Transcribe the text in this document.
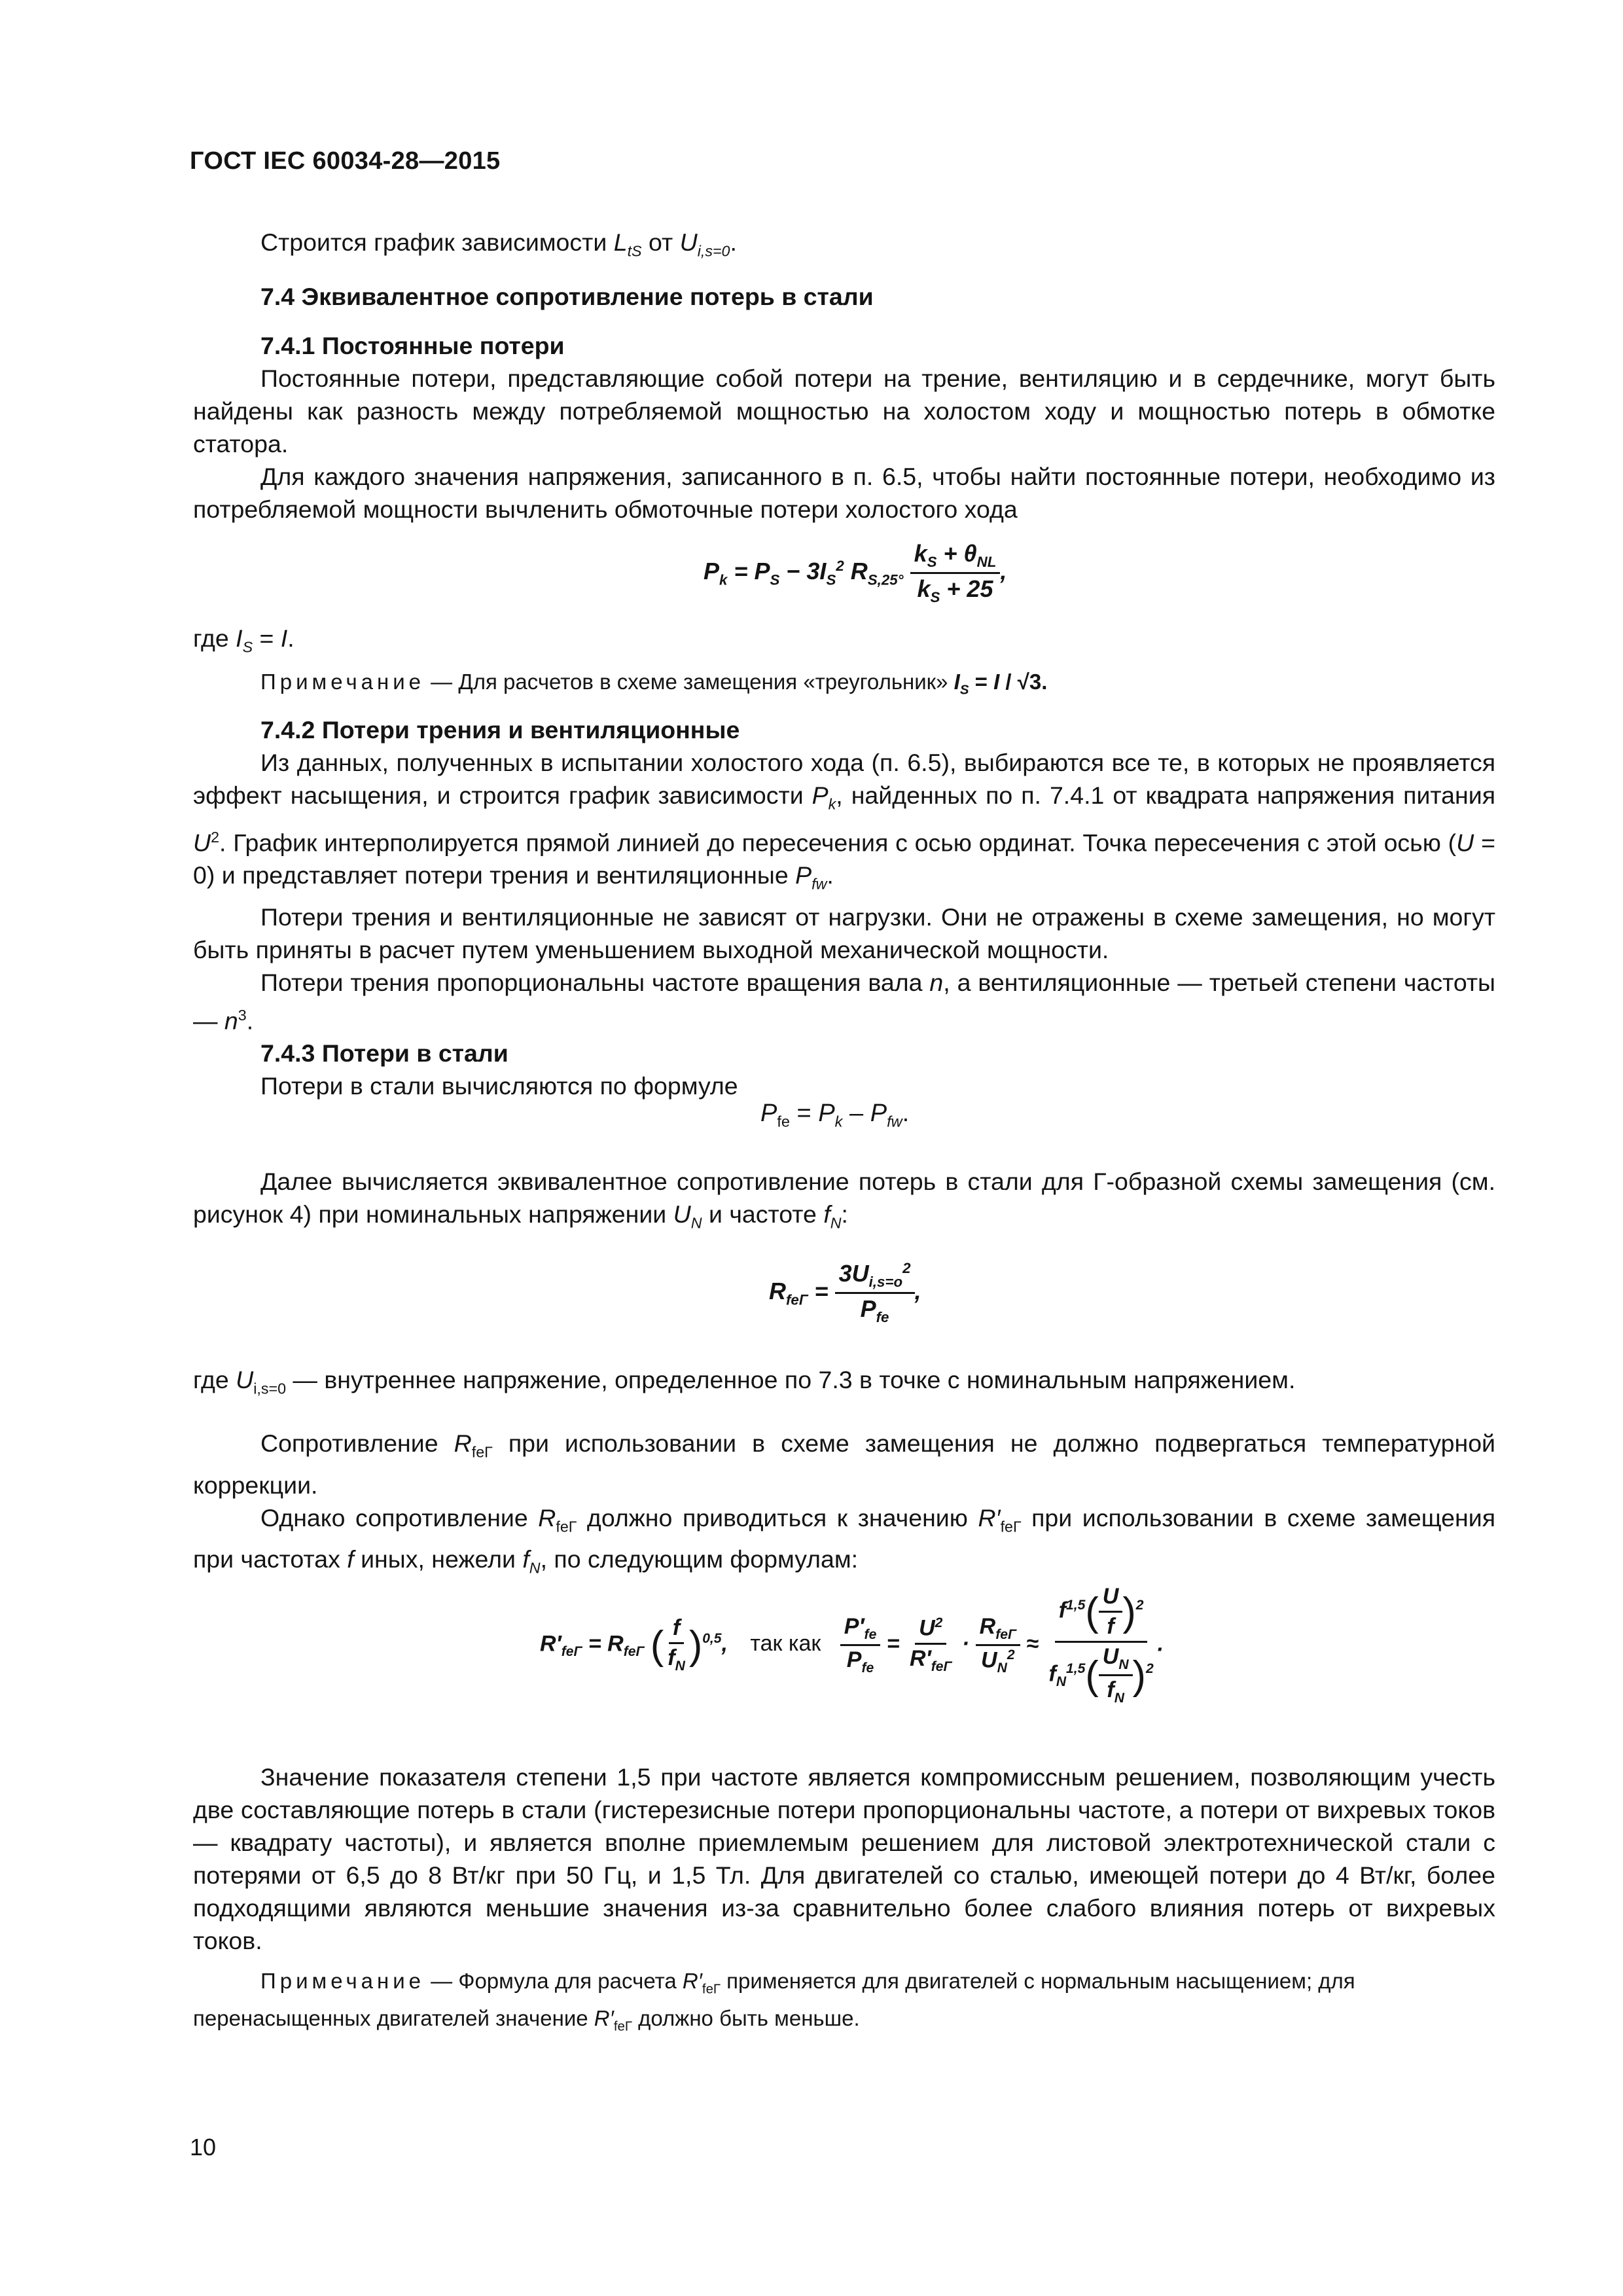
ГОСТ IEC 60034-28—2015

Строится график зависимости $L_{tS}$ от $U_{i,s=0}$.

7.4 Эквивалентное сопротивление потерь в стали

7.4.1 Постоянные потери

Постоянные потери, представляющие собой потери на трение, вентиляцию и в сердечнике, могут быть найдены как разность между потребляемой мощностью на холостом ходу и мощностью потерь в обмотке статора.

Для каждого значения напряжения, записанного в п. 6.5, чтобы найти постоянные потери, необходимо из потребляемой мощности вычленить обмоточные потери холостого хода

$P_k = P_S - 3I_S^2$ $R_{S,25^\circ} \frac{k_S + \theta_{NL}}{k_S + 25}$ ,

где $I_S = I$.

Примечание — Для расчетов в схеме замещения «треугольник» $I_S = I / √3$.

7.4.2 Потери трения и вентиляционные

Из данных, полученных в испытании холостого хода (п. 6.5), выбираются все те, в которых не проявляется эффект насыщения, и строится график зависимости $P_k$, найденных по п. 7.4.1 от квадрата напряжения питания $U^2$. График интерполируется прямой линией до пересечения с осью ординат. Точка пересечения с этой осью (U = 0) и представляет потери трения и вентиляционные $P_{fw}$.

Потери трения и вентиляционные не зависят от нагрузки. Они не отражены в схеме замещения, но могут быть приняты в расчет путем уменьшением выходной механической мощности.

Потери трения пропорциональны частоте вращения вала n, а вентиляционные — третьей степени частоты — $n^3$.

7.4.3 Потери в стали

Потери в стали вычисляются по формуле

$P_{fe} = P_k - P_{fw}$.

Далее вычисляется эквивалентное сопротивление потерь в стали для Г-образной схемы замещения (см. рисунок 4) при номинальных напряжении $U_N$ и частоте $f_N$:

$R_{feГ} = \frac{3U_{i,s=o}^2}{P_{fe}}$ ,

где $U_{i,s=0}$ — внутреннее напряжение, определенное по 7.3 в точке с номинальным напряжением.

Сопротивление $R_{feГ}$ при использовании в схеме замещения не должно подвергаться температурной коррекции.

Однако сопротивление $R_{feГ}$ должно приводиться к значению $R'_{feГ}$ при использовании в схеме замещения при частотах f иных, нежели $f_N$, по следующим формулам:

$R'_{feГ} = R_{feГ}$ ( $\frac{f}{f_N} )^{0,5}$, так как $\frac{P'_{fe}}{P_{fe}} = \frac{U^2}{R'_{feГ}} \cdot \frac{R_{feГ}}{U_N^2} \approx \frac{f^{1,5}( \frac{U}{f} )^2}{f_N^{1,5}( \frac{U_N}{f_N} )^2}$ .

Значение показателя степени 1,5 при частоте является компромиссным решением, позволяющим учесть две составляющие потерь в стали (гистерезисные потери пропорциональны частоте, а потери от вихревых токов — квадрату частоты), и является вполне приемлемым решением для листовой электротехнической стали с потерями от 6,5 до 8 Вт/кг при 50 Гц, и 1,5 Тл. Для двигателей со сталью, имеющей потери до 4 Вт/кг, более подходящими являются меньшие значения из-за сравнительно более слабого влияния потерь от вихревых токов.

Примечание — Формула для расчета $R'_{feГ}$ применяется для двигателей с нормальным насыщением; для перенасыщенных двигателей значение $R'_{feГ}$ должно быть меньше.

10
